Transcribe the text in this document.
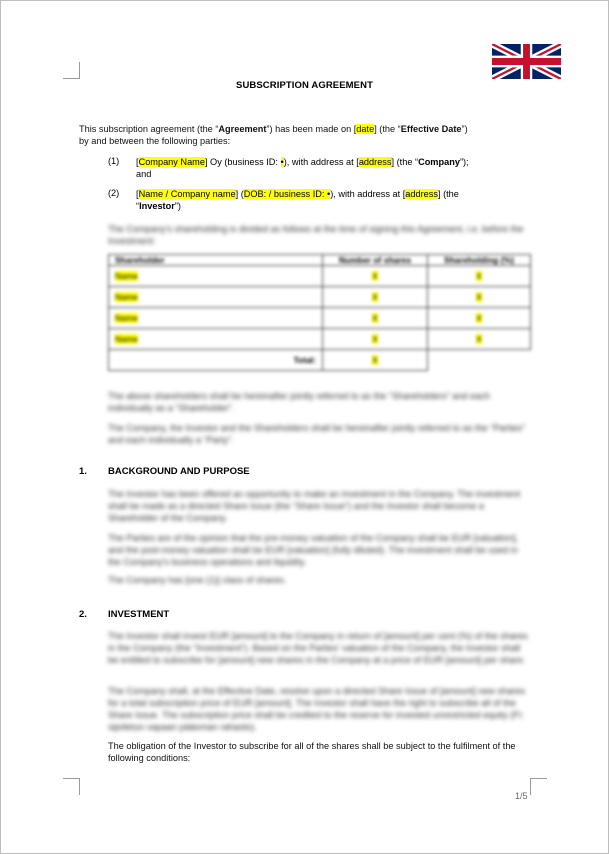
SUBSCRIPTION AGREEMENT
This subscription agreement (the “Agreement”) has been made on [date] (the “Effective Date”)
by and between the following parties:
(1) [Company Name] Oy (business ID: •), with address at [address] (the “Company”);
and
(2) [Name / Company name] (DOB: / business ID: •), with address at [address] (the
“Investor”)
The Company's shareholding is divided as follows at the time of signing this Agreement, i.e. before the Investment:
Shareholder	Number of shares	Shareholding (%)
Name	X	X
Name	X	X
Name	X	X
Name	X	X
Total:	X	
The above shareholders shall be hereinafter jointly referred to as the “Shareholders” and each individually as a “Shareholder”.
The Company, the Investor and the Shareholders shall be hereinafter jointly referred to as the “Parties” and each individually a “Party”.
1. BACKGROUND AND PURPOSE
The Investor has been offered an opportunity to make an investment in the Company. The investment shall be made as a directed Share Issue (the “Share Issue”) and the Investor shall become a Shareholder of the Company.
The Parties are of the opinion that the pre-money valuation of the Company shall be EUR [valuation], and the post-money valuation shall be EUR [valuation] (fully diluted). The investment shall be used in the Company's business operations and liquidity.
The Company has [one (1)] class of shares.
2. INVESTMENT
The Investor shall invest EUR [amount] to the Company in return of [amount] per cent (%) of the shares in the Company (the “Investment”). Based on the Parties' valuation of the Company, the Investor shall be entitled to subscribe for [amount] new shares in the Company at a price of EUR [amount] per share.
The Company shall, at the Effective Date, resolve upon a directed Share Issue of [amount] new shares for a total subscription price of EUR [amount]. The Investor shall have the right to subscribe all of the Share Issue. The subscription price shall be credited to the reserve for invested unrestricted equity (Fi: sijoitetun vapaan pääoman rahasto).
The obligation of the Investor to subscribe for all of the shares shall be subject to the fulfilment of the following conditions:
1/5
